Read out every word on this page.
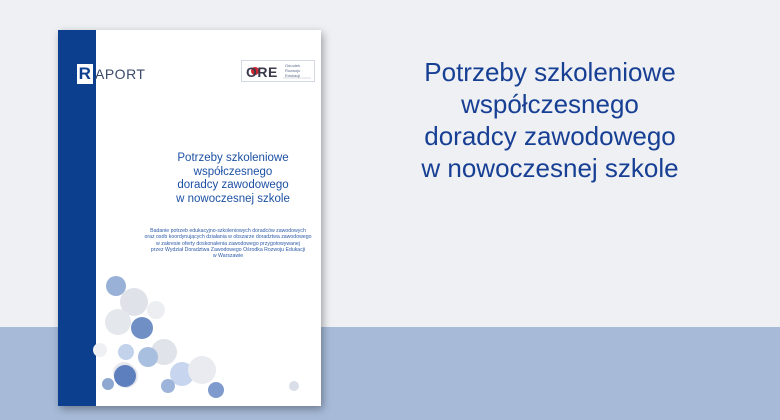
R APORT	ORE Ośrodek
Rozwoju
Edukacji
Potrzeby szkoleniowe
współczesnego
doradcy zawodowego
w nowoczesnej szkole
Badanie potrzeb edukacyjno-szkoleniowych doradców zawodowych
oraz osób koordynujących działania w obszarze doradztwa zawodowego
w zakresie oferty doskonalenia zawodowego przygotowywanej
przez Wydział Doradztwa Zawodowego Ośrodka Rozwoju Edukacji
w Warszawie
Potrzeby szkoleniowe
współczesnego
doradcy zawodowego
w nowoczesnej szkole
